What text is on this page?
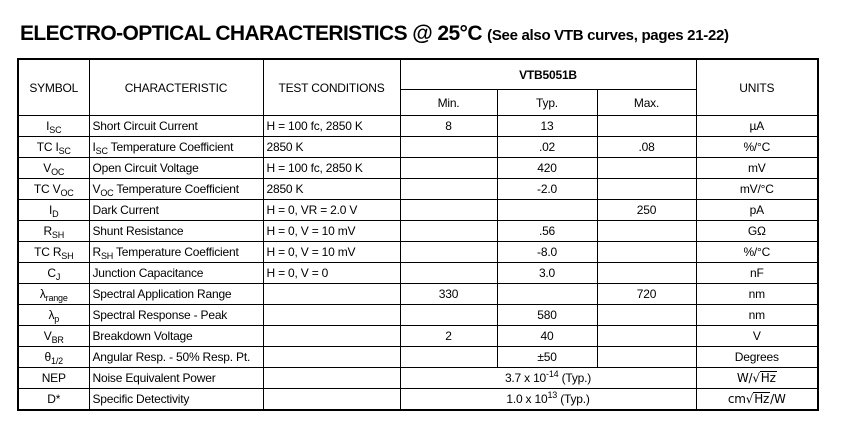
ELECTRO-OPTICAL CHARACTERISTICS @ 25°C (See also VTB curves, pages 21-22)
SYMBOL	CHARACTERISTIC	TEST CONDITIONS	VTB5051B			UNITS
			Min.	Typ.	Max.	
$I_{SC}$	Short Circuit Current	H = 100 fc, 2850 K	8	13		µA
TC $I_{SC}$	$I_{SC}$ Temperature Coefficient	2850 K		.02	.08	%/°C
$V_{OC}$	Open Circuit Voltage	H = 100 fc, 2850 K		420		mV
TC $V_{OC}$	$V_{OC}$ Temperature Coefficient	2850 K		-2.0		mV/°C
$I_D$	Dark Current	H = 0, VR = 2.0 V			250	pA
$R_{SH}$	Shunt Resistance	H = 0, V = 10 mV		.56		GΩ
TC $R_{SH}$	$R_{SH}$ Temperature Coefficient	H = 0, V = 10 mV		-8.0		%/°C
$C_J$	Junction Capacitance	H = 0, V = 0		3.0		nF
$\lambda_{range}$	Spectral Application Range		330		720	nm
$\lambda_p$	Spectral Response - Peak			580		nm
$V_{BR}$	Breakdown Voltage		2	40		V
$\theta_{1/2}$	Angular Resp. - 50% Resp. Pt.			±50		Degrees
NEP	Noise Equivalent Power		3.7 x $10^{-14}$ (Typ.)			W/√Hz
D*	Specific Detectivity		1.0 x $10^{13}$ (Typ.)			cm√Hz/W
